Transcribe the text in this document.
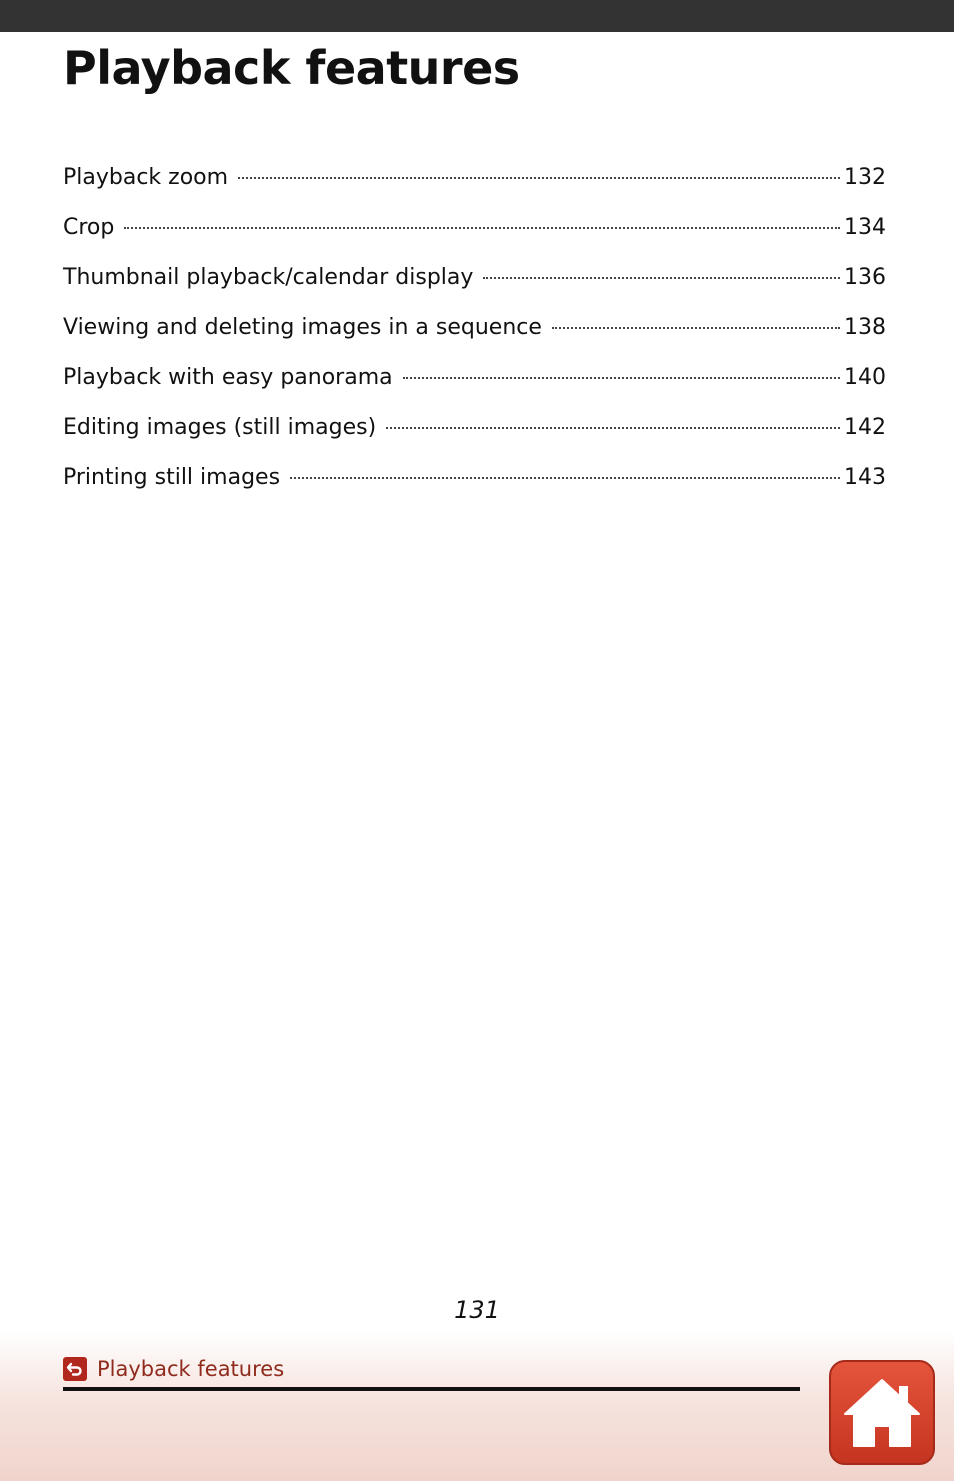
Playback features
Playback zoom	132
Crop	134
Thumbnail playback/calendar display	136
Viewing and deleting images in a sequence	138
Playback with easy panorama	140
Editing images (still images)	142
Printing still images	143
131
Playback features
